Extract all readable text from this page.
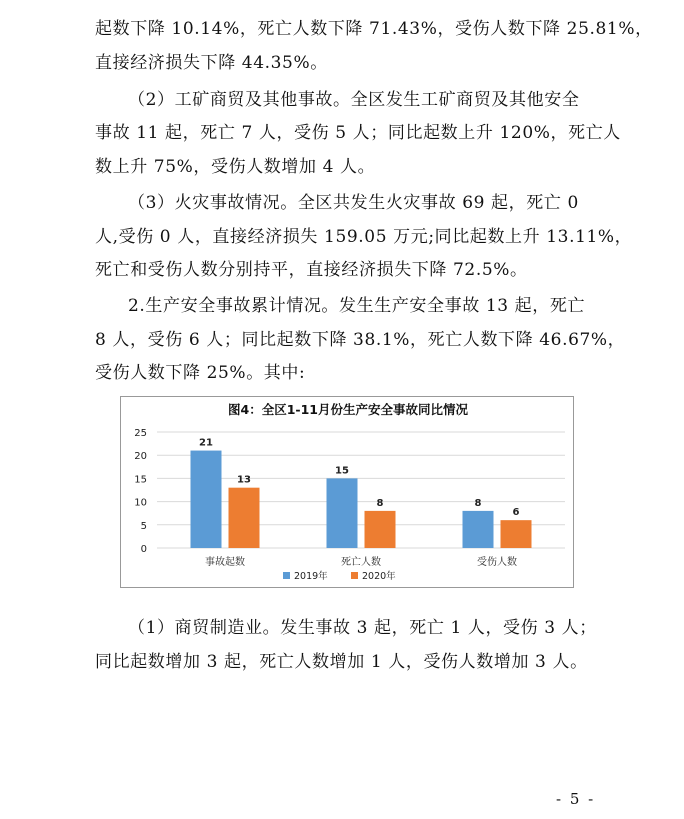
起数下降 10.14%，死亡人数下降 71.43%，受伤人数下降 25.81%，
直接经济损失下降 44.35%。
（2）工矿商贸及其他事故。全区发生工矿商贸及其他安全
事故 11 起，死亡 7 人，受伤 5 人；同比起数上升 120%，死亡人
数上升 75%，受伤人数增加 4 人。
（3）火灾事故情况。全区共发生火灾事故 69 起，死亡 0
人,受伤 0 人，直接经济损失 159.05 万元;同比起数上升 13.11%，
死亡和受伤人数分别持平，直接经济损失下降 72.5%。
2.生产安全事故累计情况。发生生产安全事故 13 起，死亡
8 人，受伤 6 人；同比起数下降 38.1%，死亡人数下降 46.67%，
受伤人数下降 25%。其中:
（1）商贸制造业。发生事故 3 起，死亡 1 人，受伤 3 人；
同比起数增加 3 起，死亡人数增加 1 人，受伤人数增加 3 人。
图4：全区1-11月份生产安全事故同比情况
0
5
10
15
20
25
21
13
15
8	8
6
事故起数	死亡人数	受伤人数
2019年	2020年
- 5 -
